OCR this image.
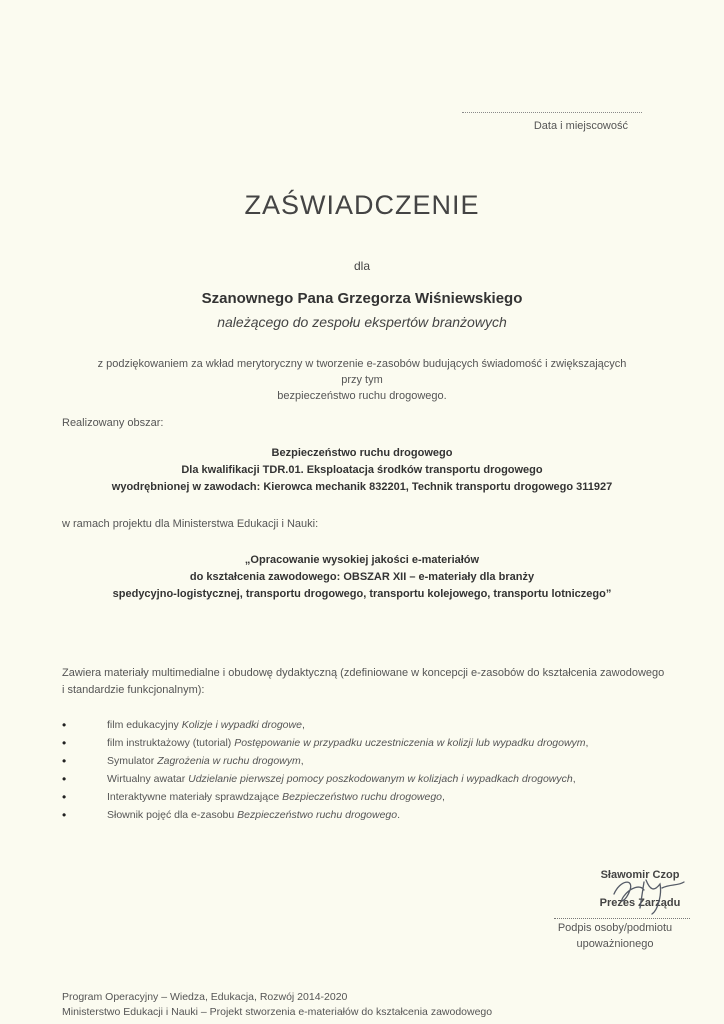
Data i miejscowość
ZAŚWIADCZENIE
dla
Szanownego Pana Grzegorza Wiśniewskiego
należącego do zespołu ekspertów branżowych
z podziękowaniem za wkład merytoryczny w tworzenie e-zasobów budujących świadomość i zwiększających przy tym
bezpieczeństwo ruchu drogowego.
Realizowany obszar:
Bezpieczeństwo ruchu drogowego
Dla kwalifikacji TDR.01. Eksploatacja środków transportu drogowego
wyodrębnionej w zawodach: Kierowca mechanik 832201, Technik transportu drogowego 311927
w ramach projektu dla Ministerstwa Edukacji i Nauki:
„Opracowanie wysokiej jakości e-materiałów
do kształcenia zawodowego: OBSZAR XII – e-materiały dla branży
spedycyjno-logistycznej, transportu drogowego, transportu kolejowego, transportu lotniczego”
Zawiera materiały multimedialne i obudowę dydaktyczną (zdefiniowane w koncepcji e-zasobów do kształcenia zawodowego
i standardzie funkcjonalnym):
•	film edukacyjny Kolizje i wypadki drogowe,
•	film instruktażowy (tutorial) Postępowanie w przypadku uczestniczenia w kolizji lub wypadku drogowym,
•	Symulator Zagrożenia w ruchu drogowym,
•	Wirtualny awatar Udzielanie pierwszej pomocy poszkodowanym w kolizjach i wypadkach drogowych,
•	Interaktywne materiały sprawdzające Bezpieczeństwo ruchu drogowego,
•	Słownik pojęć dla e-zasobu Bezpieczeństwo ruchu drogowego.
Sławomir Czop
Prezes Zarządu
Podpis osoby/podmiotu
upoważnionego
Program Operacyjny – Wiedza, Edukacja, Rozwój 2014-2020
Ministerstwo Edukacji i Nauki – Projekt stworzenia e-materiałów do kształcenia zawodowego
